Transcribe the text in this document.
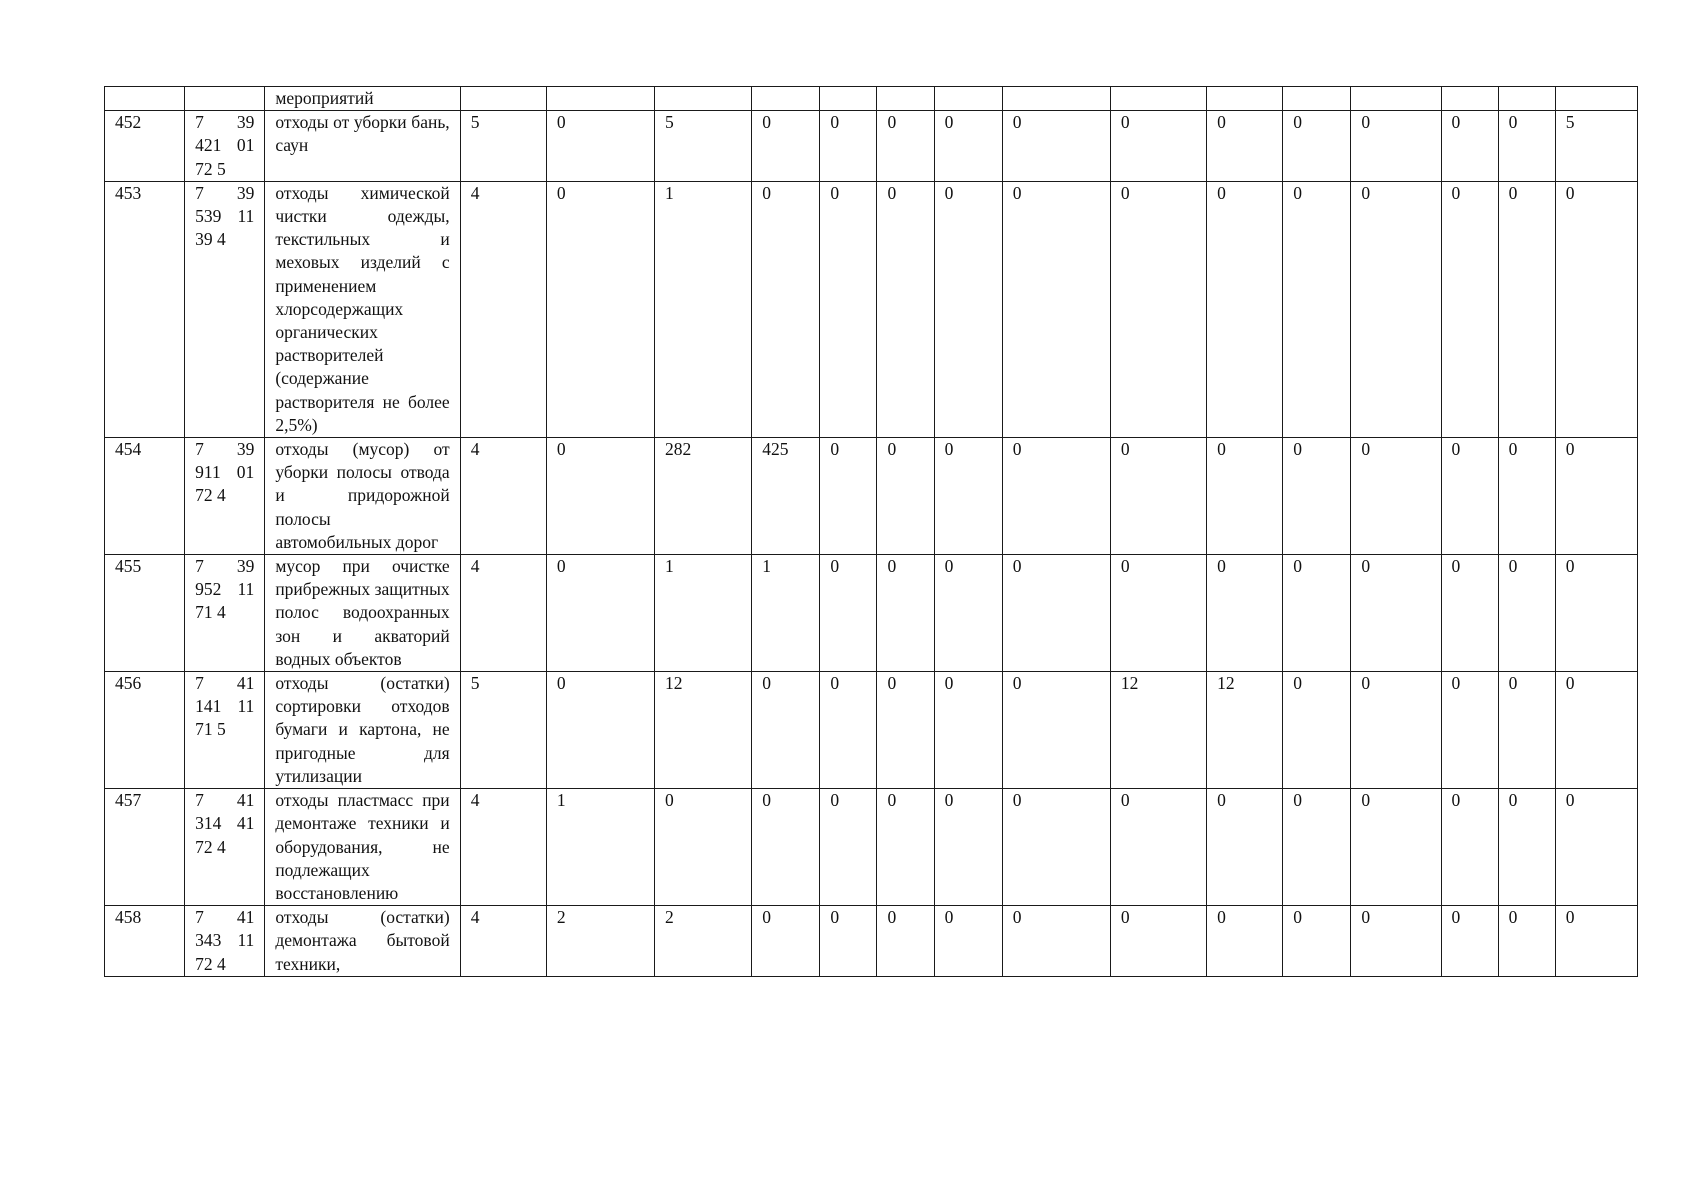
		мероприятий															
452	7 39 421 01 72 5	отходы от уборки бань, саун	5	0	5	0	0	0	0	0	0	0	0	0	0	0	5
453	7 39 539 11 39 4	отходы химической чистки одежды, текстильных и меховых изделий с применением хлорсодержащих органических растворителей (содержание растворителя не более 2,5%)	4	0	1	0	0	0	0	0	0	0	0	0	0	0	0
454	7 39 911 01 72 4	отходы (мусор) от уборки полосы отвода и придорожной полосы автомобильных дорог	4	0	282	425	0	0	0	0	0	0	0	0	0	0	0
455	7 39 952 11 71 4	мусор при очистке прибрежных защитных полос водоохранных зон и акваторий водных объектов	4	0	1	1	0	0	0	0	0	0	0	0	0	0	0
456	7 41 141 11 71 5	отходы (остатки) сортировки отходов бумаги и картона, не пригодные для утилизации	5	0	12	0	0	0	0	0	12	12	0	0	0	0	0
457	7 41 314 41 72 4	отходы пластмасс при демонтаже техники и оборудования, не подлежащих восстановлению	4	1	0	0	0	0	0	0	0	0	0	0	0	0	0
458	7 41 343 11 72 4	отходы (остатки) демонтажа бытовой техники,	4	2	2	0	0	0	0	0	0	0	0	0	0	0	0
